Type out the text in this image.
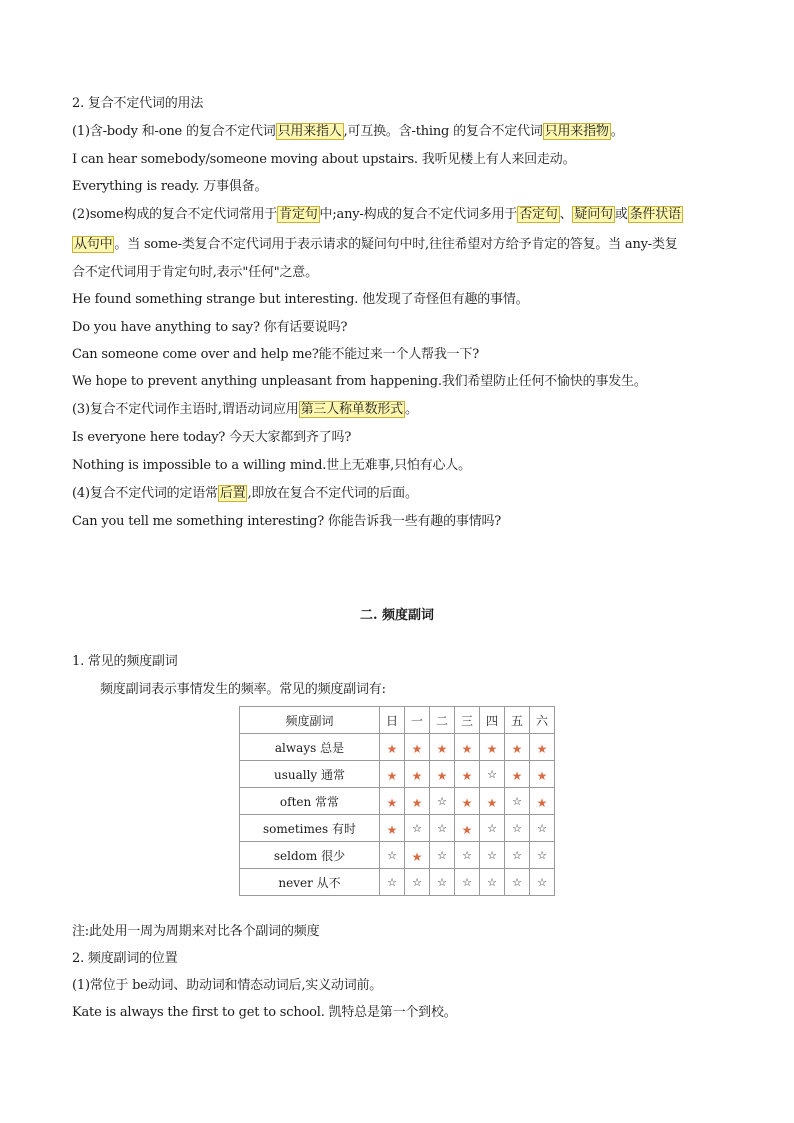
2. 复合不定代词的用法
(1)含-body 和-one 的复合不定代词 只用来指人 ,可互换。含-thing 的复合不定代词 只用来指物 。
I can hear somebody/someone moving about upstairs. 我听见楼上有人来回走动。
Everything is ready. 万事俱备。
(2)some构成的复合不定代词常用于 肯定句 中;any-构成的复合不定代词多用于 否定句 、 疑问句 或 条件状语
从句中 。当 some-类复合不定代词用于表示请求的疑问句中时,往往希望对方给予肯定的答复。当 any-类复
合不定代词用于肯定句时,表示"任何"之意。
He found something strange but interesting. 他发现了奇怪但有趣的事情。
Do you have anything to say? 你有话要说吗?
Can someone come over and help me?能不能过来一个人帮我一下?
We hope to prevent anything unpleasant from happening.我们希望防止任何不愉快的事发生。
(3)复合不定代词作主语时,谓语动词应用 第三人称单数形式 。
Is everyone here today? 今天大家都到齐了吗?
Nothing is impossible to a willing mind.世上无难事,只怕有心人。
(4)复合不定代词的定语常 后置 ,即放在复合不定代词的后面。
Can you tell me something interesting? 你能告诉我一些有趣的事情吗?
二. 频度副词
1. 常见的频度副词
频度副词表示事情发生的频率。常见的频度副词有:
频度副词	日	一	二	三	四	五	六
always 总是	★	★	★	★	★	★	★
usually 通常	★	★	★	★	☆	★	★
often 常常	★	★	☆	★	★	☆	★
sometimes 有时	★	☆	☆	★	☆	☆	☆
seldom 很少	☆	★	☆	☆	☆	☆	☆
never 从不	☆	☆	☆	☆	☆	☆	☆
注:此处用一周为周期来对比各个副词的频度
2. 频度副词的位置
(1)常位于 be动词、助动词和情态动词后,实义动词前。
Kate is always the first to get to school. 凯特总是第一个到校。
